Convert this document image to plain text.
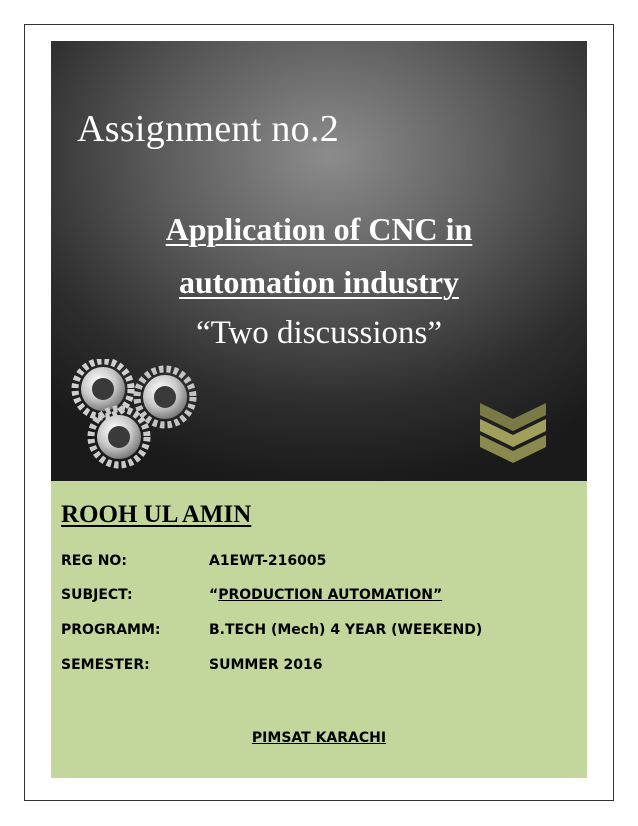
Assignment no.2
Application of CNC in
automation industry

“Two discussions”

ROOH UL AMIN
REG NO:	A1EWT-216005
SUBJECT:	“PRODUCTION AUTOMATION”
PROGRAMM:	B.TECH (Mech) 4 YEAR (WEEKEND)
SEMESTER:	SUMMER 2016
PIMSAT KARACHI
